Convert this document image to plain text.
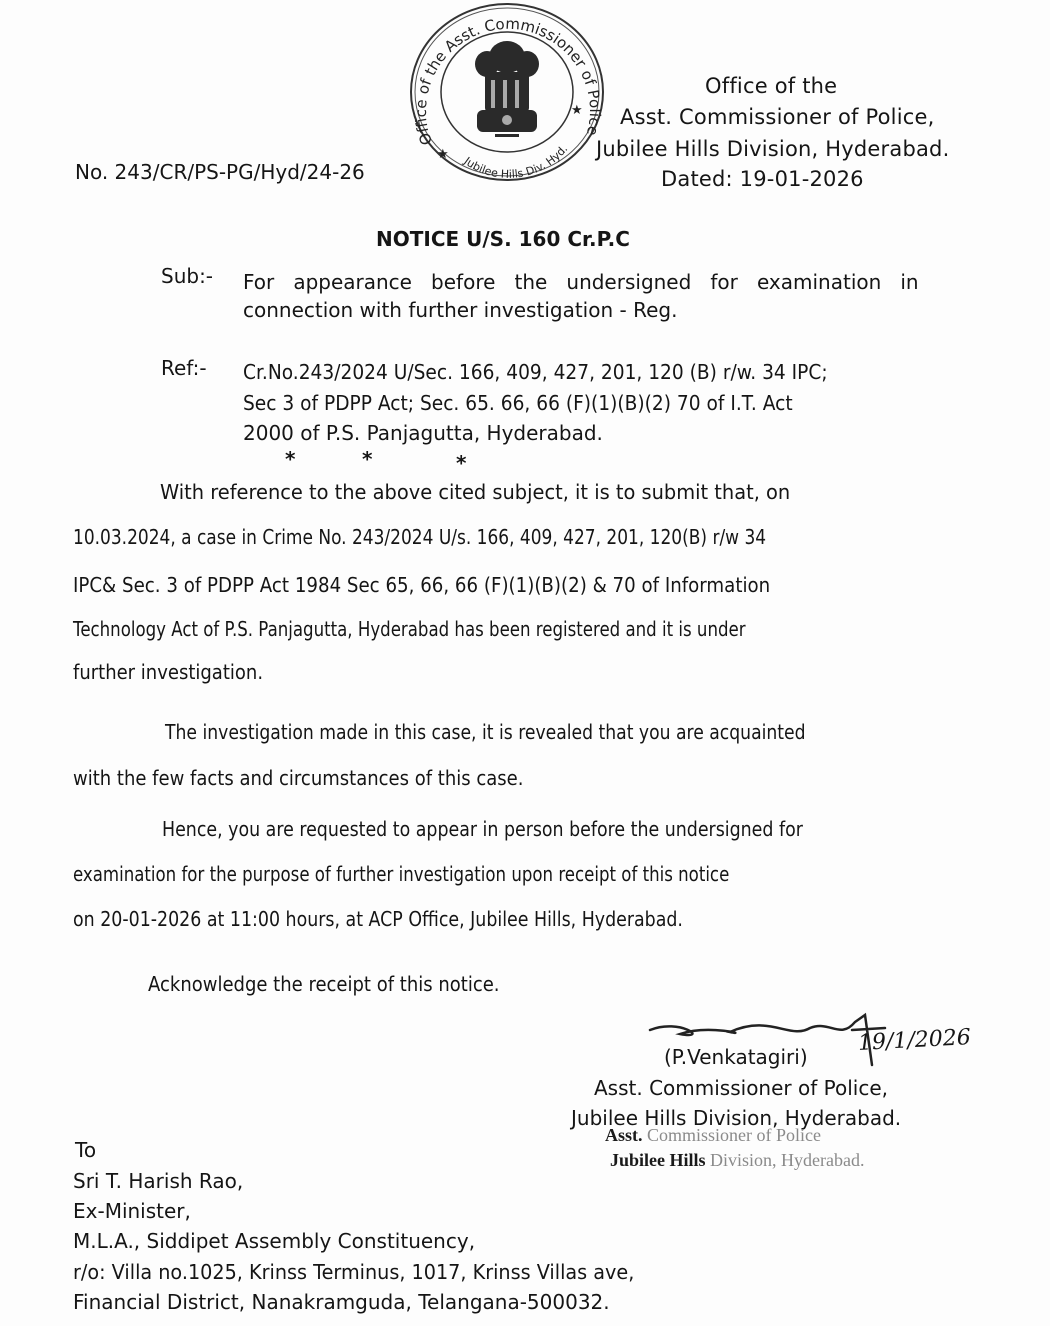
Office of the Asst. Commissioner of Police
Jubilee Hills Div. Hyd.
★
★
Office of the
Asst. Commissioner of Police,
Jubilee Hills Division, Hyderabad.
Dated: 19-01-2026
No. 243/CR/PS-PG/Hyd/24-26
NOTICE U/S. 160 Cr.P.C
Sub:- For   appearance   before   the   undersigned   for   examination   in
connection with further investigation - Reg.
Ref:- Cr.No.243/2024 U/Sec. 166, 409, 427, 201, 120 (B) r/w. 34 IPC;
Sec 3 of PDPP Act; Sec. 65. 66, 66 (F)(1)(B)(2) 70 of I.T. Act
2000 of P.S. Panjagutta, Hyderabad.
*	*	*
With reference to the above cited subject, it is to submit that, on
10.03.2024, a case in Crime No. 243/2024 U/s. 166, 409, 427, 201, 120(B) r/w 34
IPC& Sec. 3 of PDPP Act 1984 Sec 65, 66, 66 (F)(1)(B)(2) & 70 of Information
Technology Act of P.S. Panjagutta, Hyderabad has been registered and it is under
further investigation.
The investigation made in this case, it is revealed that you are acquainted
with the few facts and circumstances of this case.
Hence, you are requested to appear in person before the undersigned for
examination for the purpose of further investigation upon receipt of this notice
on 20-01-2026 at 11:00 hours, at ACP Office, Jubilee Hills, Hyderabad.
Acknowledge the receipt of this notice.
19/1/2026
(P.Venkatagiri)
Asst. Commissioner of Police,
Jubilee Hills Division, Hyderabad.
Asst. Commissioner of Police
Jubilee Hills Division, Hyderabad.
To
Sri T. Harish Rao,
Ex-Minister,
M.L.A., Siddipet Assembly Constituency,
r/o: Villa no.1025, Krinss Terminus, 1017, Krinss Villas ave,
Financial District, Nanakramguda, Telangana-500032.
